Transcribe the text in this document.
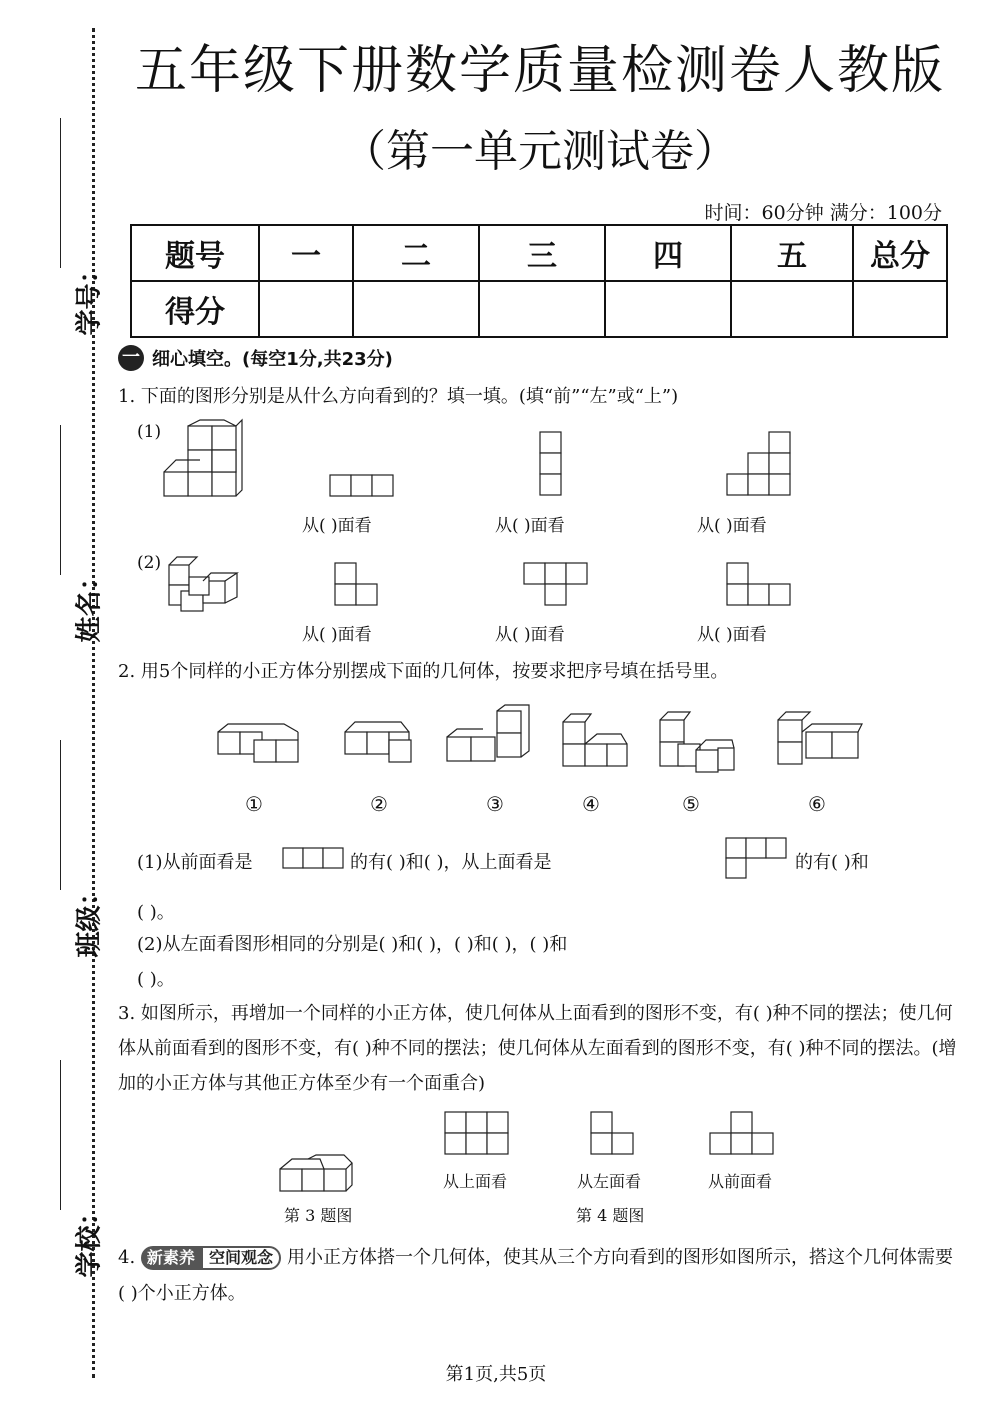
学号：
姓名：
班级：
学校：
五年级下册数学质量检测卷人教版
（第一单元测试卷）
时间：60分钟 满分：100分
题号	一	二	三	四	五	总分
得分						
一 细心填空。(每空1分,共23分)
1. 下面的图形分别是从什么方向看到的？填一填。(填“前”“左”或“上”)
(1)
从( )面看	从( )面看	从( )面看
(2)
从( )面看	从( )面看	从( )面看
2. 用5个同样的小正方体分别摆成下面的几何体，按要求把序号填在括号里。
①	②	③	④	⑤	⑥
(1)从前面看是	的有( )和( )，从上面看是	的有( )和
( )。
(2)从左面看图形相同的分别是( )和( )，( )和( )，( )和
( )。
3. 如图所示，再增加一个同样的小正方体，使几何体从上面看到的图形不变，有( )种不同的摆法；使几何体从前面看到的图形不变，有( )种不同的摆法；使几何体从左面看到的图形不变，有( )种不同的摆法。(增加的小正方体与其他正方体至少有一个面重合)
第 3 题图
从上面看	从左面看	从前面看
第 4 题图
4. 新素养 空间观念 用小正方体搭一个几何体，使其从三个方向看到的图形如图所示，搭这个几何体需要( )个小正方体。
第1页,共5页
